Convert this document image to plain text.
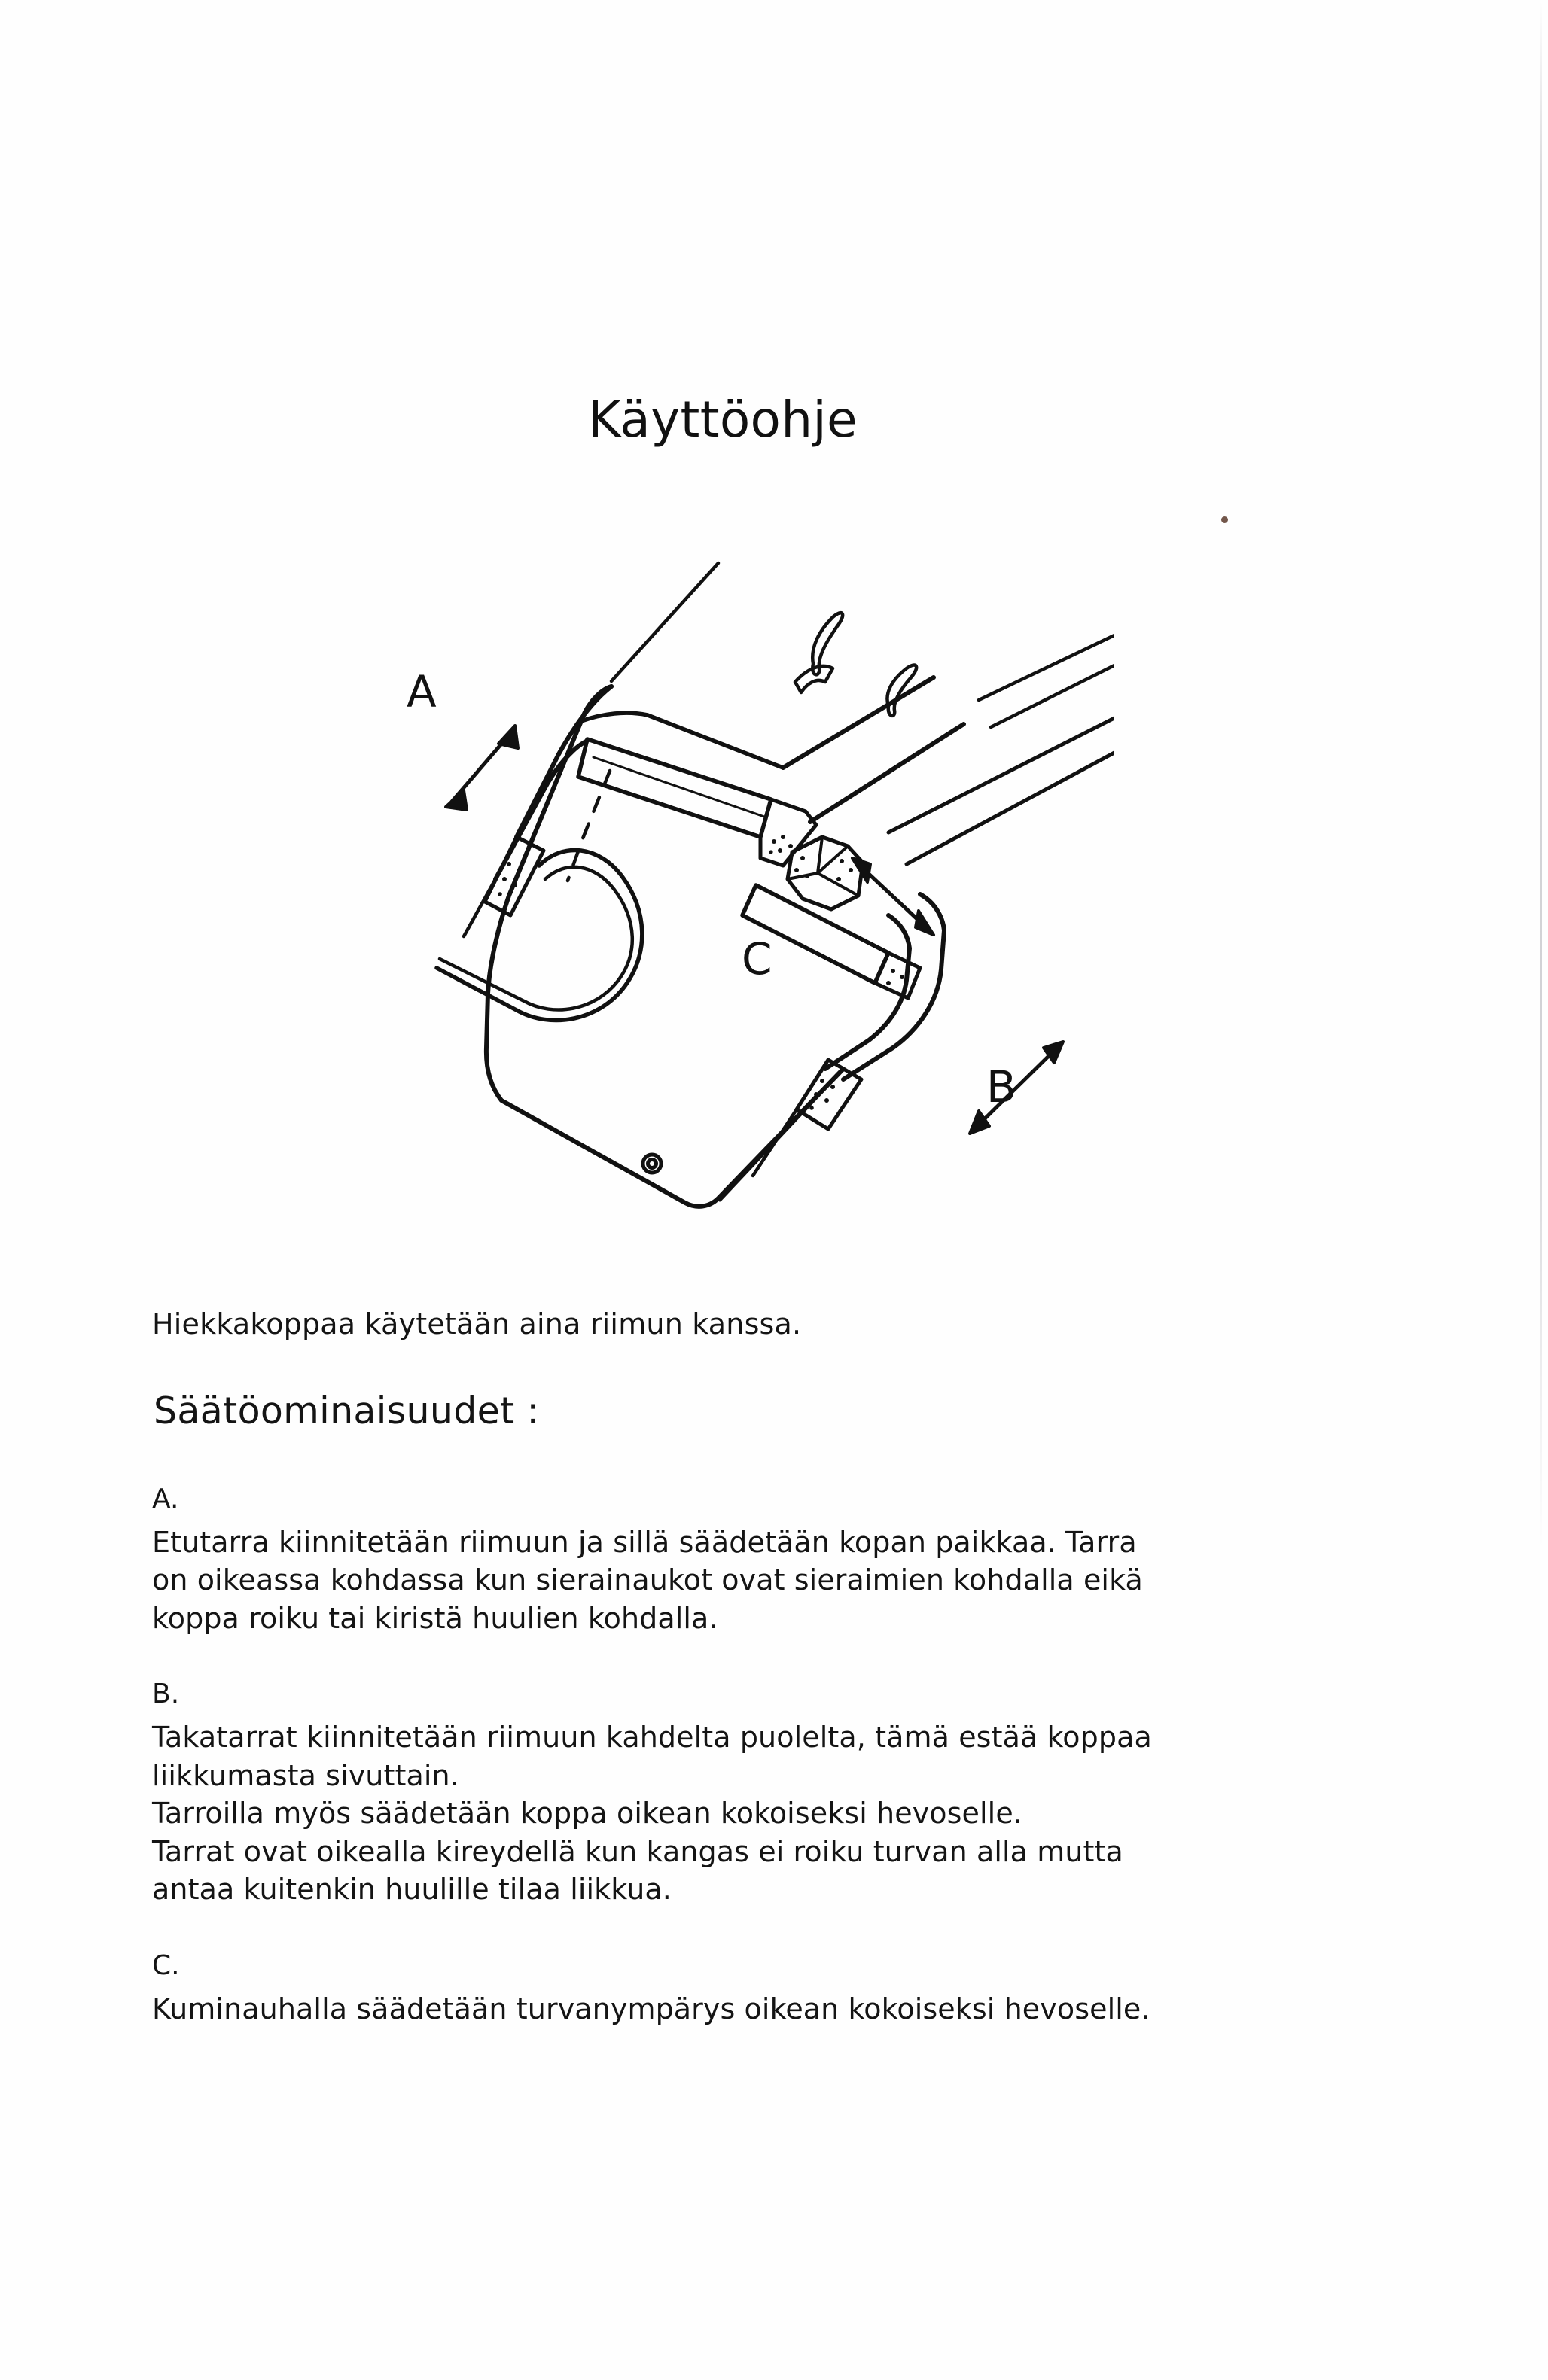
Käyttöohje
A
C
B

Hiekkakoppaa käytetään aina riimun kanssa.

Säätöominaisuudet :
A.
Etutarra kiinnitetään riimuun ja sillä säädetään kopan paikkaa. Tarra
on oikeassa kohdassa kun sierainaukot ovat sieraimien kohdalla eikä
koppa roiku tai kiristä huulien kohdalla.
B.
Takatarrat kiinnitetään riimuun kahdelta puolelta, tämä estää koppaa
liikkumasta sivuttain.
Tarroilla myös säädetään koppa oikean kokoiseksi hevoselle.
Tarrat ovat oikealla kireydellä kun kangas ei roiku turvan alla mutta
antaa kuitenkin huulille tilaa liikkua.
C.
Kuminauhalla säädetään turvanympärys oikean kokoiseksi hevoselle.
